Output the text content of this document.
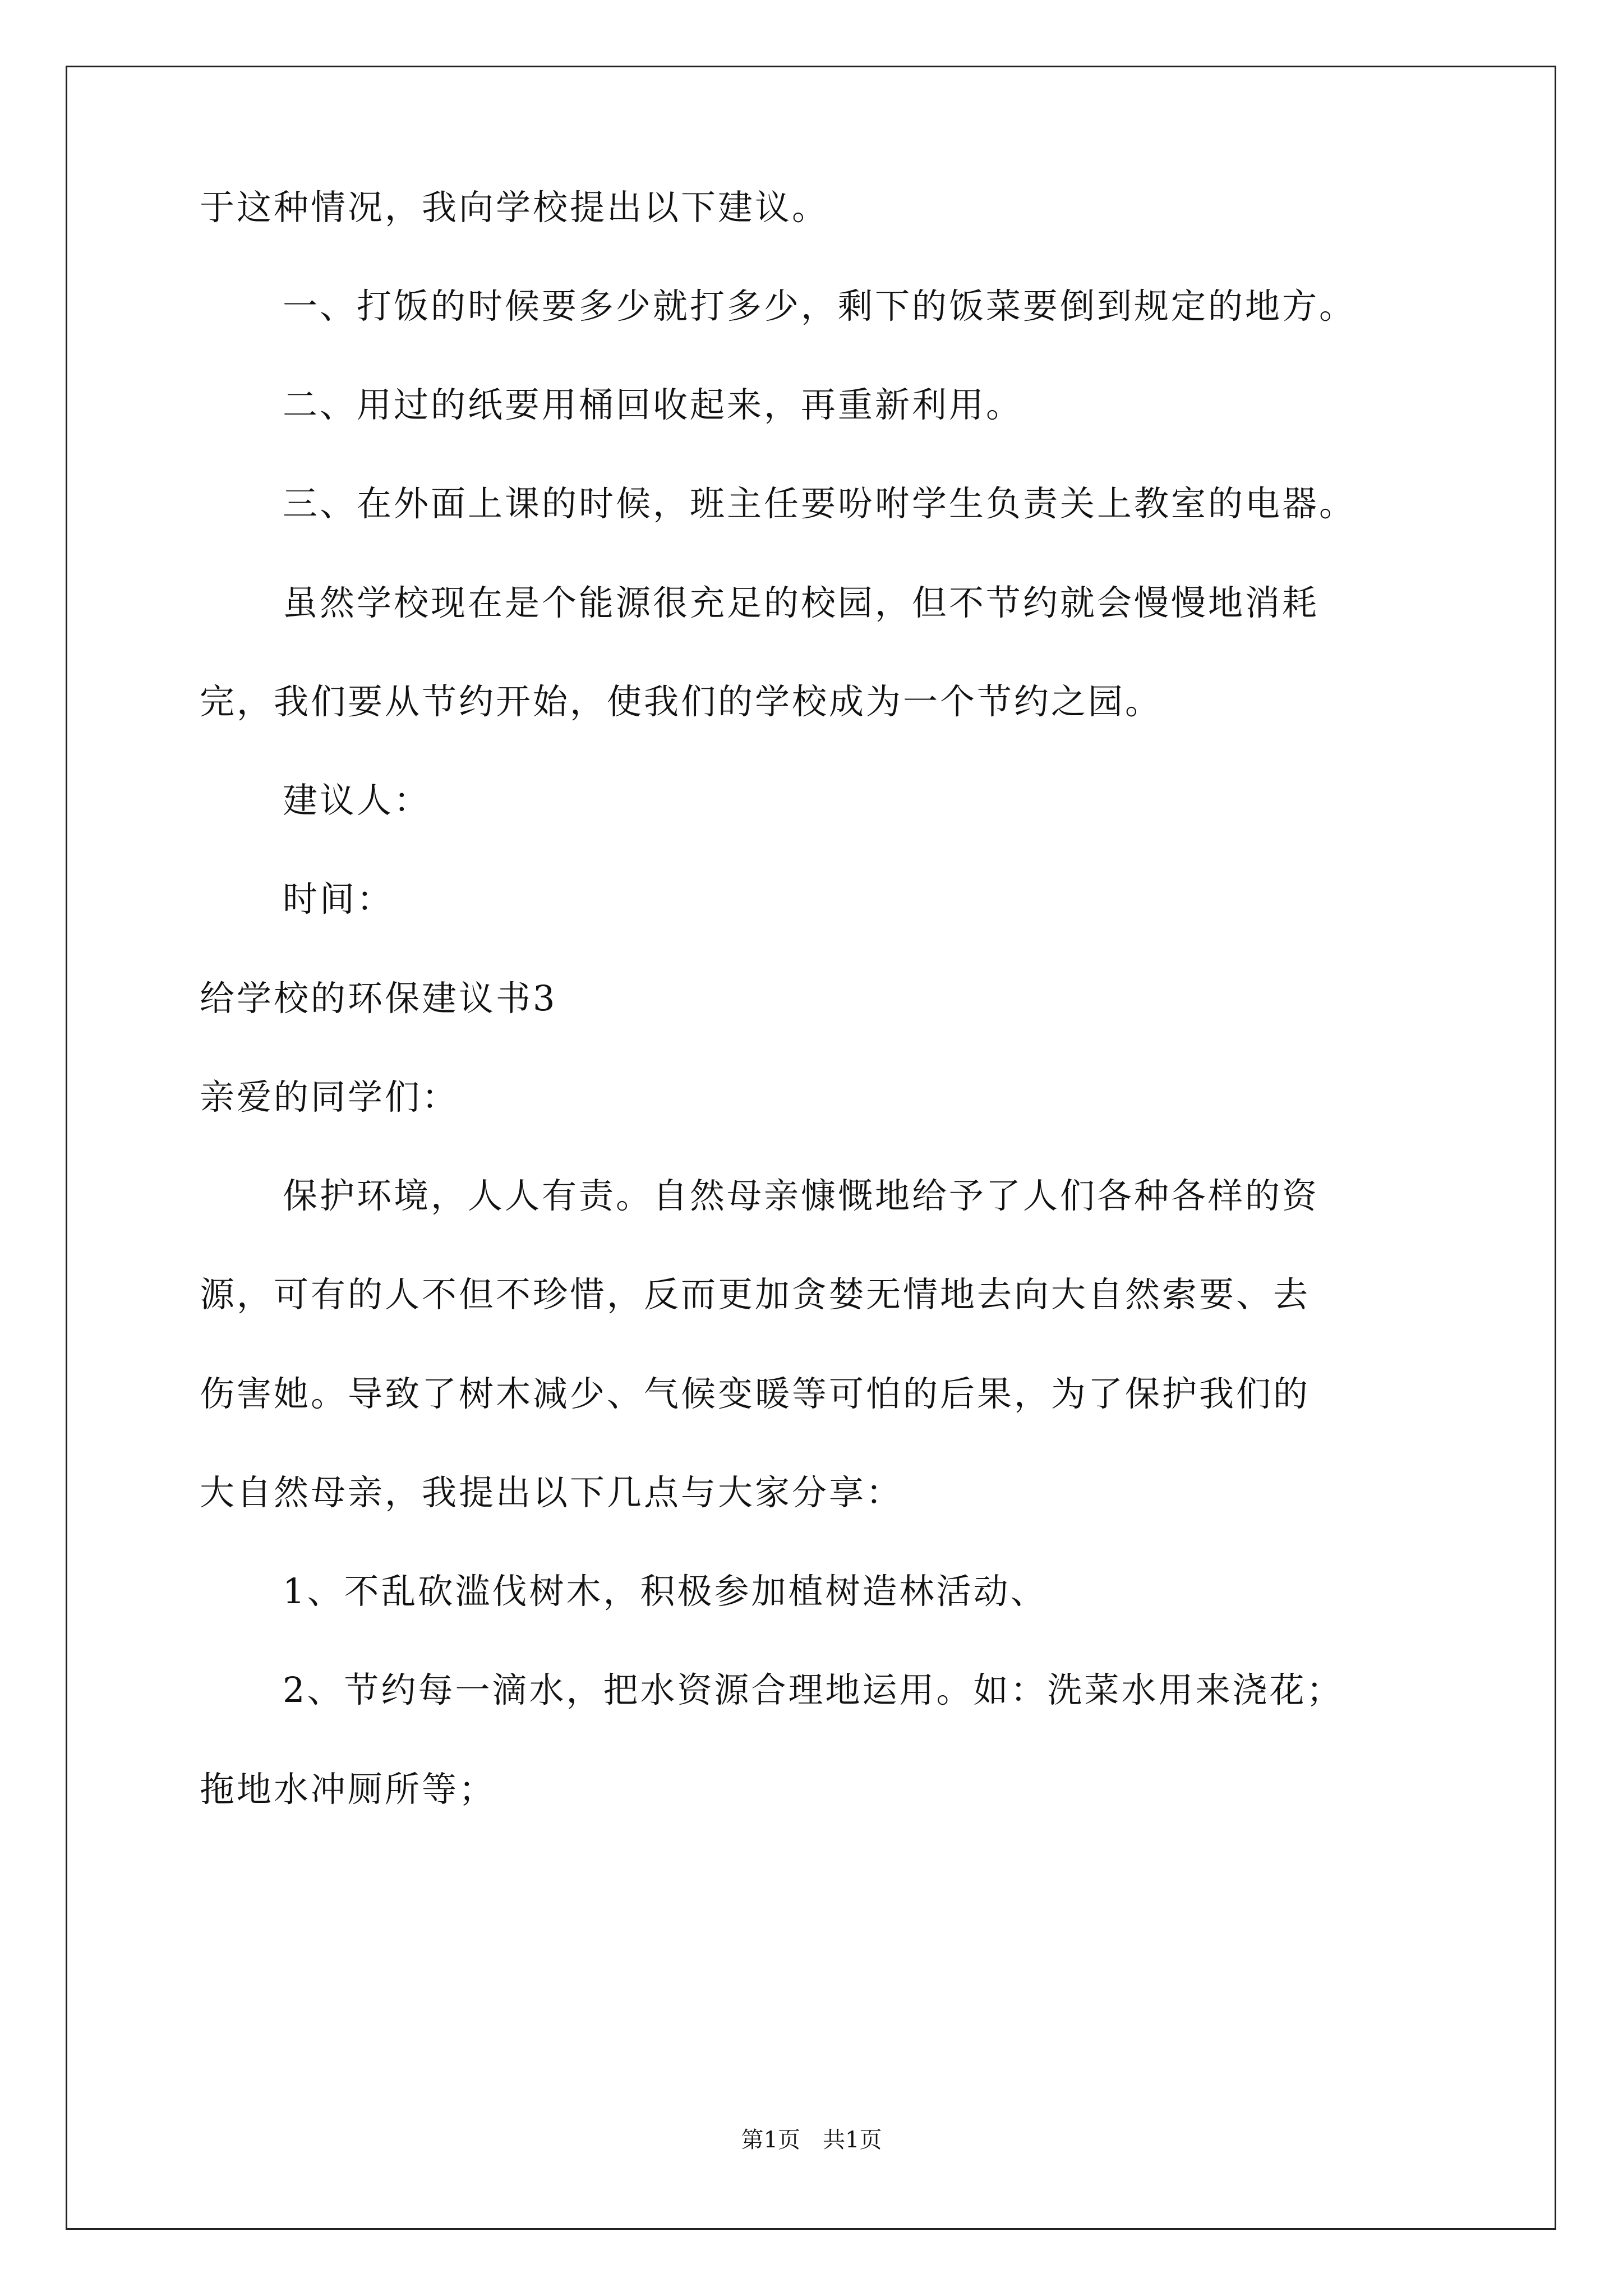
于这种情况，我向学校提出以下建议。
一、打饭的时候要多少就打多少，剩下的饭菜要倒到规定的地方。
二、用过的纸要用桶回收起来，再重新利用。
三、在外面上课的时候，班主任要吩咐学生负责关上教室的电器。
虽然学校现在是个能源很充足的校园，但不节约就会慢慢地消耗
完，我们要从节约开始，使我们的学校成为一个节约之园。
建议人：
时间：
给学校的环保建议书3
亲爱的同学们：
保护环境，人人有责。自然母亲慷慨地给予了人们各种各样的资
源，可有的人不但不珍惜，反而更加贪婪无情地去向大自然索要、去
伤害她。导致了树木减少、气候变暖等可怕的后果，为了保护我们的
大自然母亲，我提出以下几点与大家分享：
1、不乱砍滥伐树木，积极参加植树造林活动、
2、节约每一滴水，把水资源合理地运用。如：洗菜水用来浇花；
拖地水冲厕所等；
第1页　共1页
